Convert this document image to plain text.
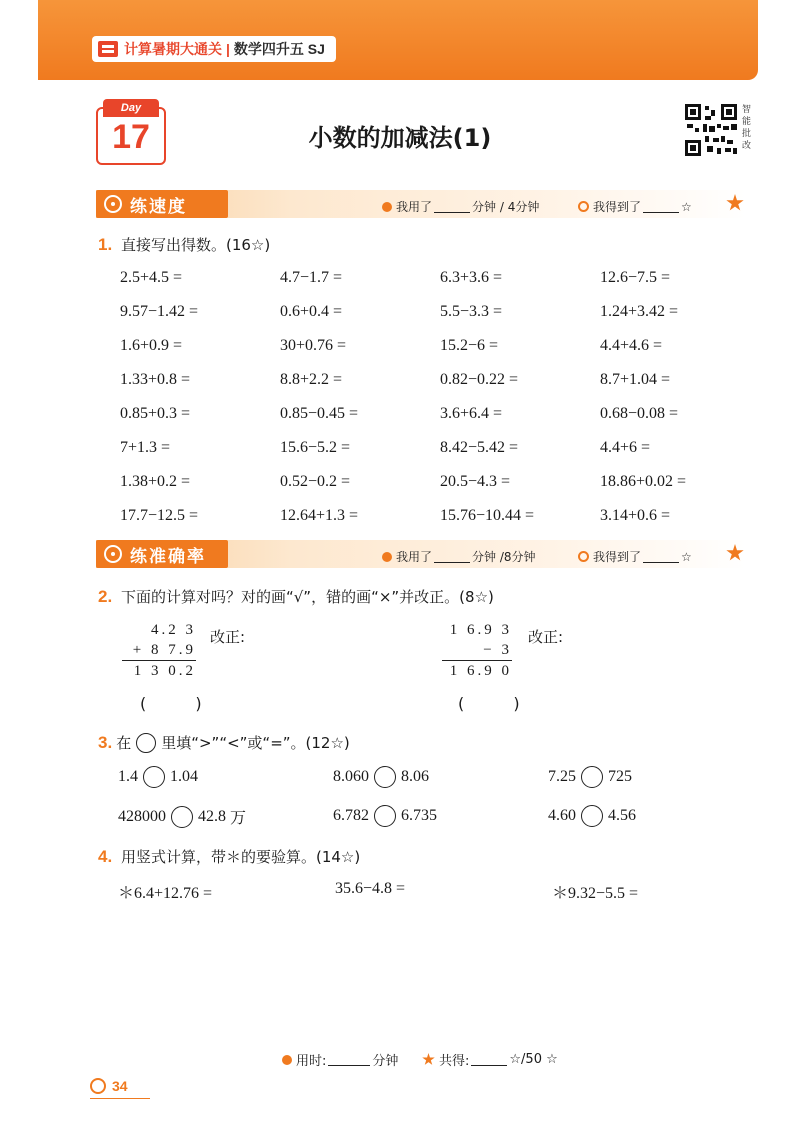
计算暑期大通关 | 数学四升五 SJ
Day
17	小数的加减法(1)
智能批改
练速度	我用了	分钟 / 4分钟	我得到了	☆
1. 直接写出得数。(16☆)
2.5+4.5 =	4.7−1.7 =	6.3+3.6 =	12.6−7.5 =
9.57−1.42 =	0.6+0.4 =	5.5−3.3 =	1.24+3.42 =
1.6+0.9 =	30+0.76 =	15.2−6 =	4.4+4.6 =
1.33+0.8 =	8.8+2.2 =	0.82−0.22 =	8.7+1.04 =
0.85+0.3 =	0.85−0.45 =	3.6+6.4 =	0.68−0.08 =
7+1.3 =	15.6−5.2 =	8.42−5.42 =	4.4+6 =
1.38+0.2 =	0.52−0.2 =	20.5−4.3 =	18.86+0.02 =
17.7−12.5 =	12.64+1.3 =	15.76−10.44 =	3.14+0.6 =
练准确率	我用了	分钟 /8分钟	我得到了	☆
2. 下面的计算对吗？对的画“√”，错的画“×”并改正。(8☆)
4.2 3
+ 8 7.9
1 3 0.2
改正:
( )
1 6.9 3
− 3
1 6.9 0
改正:
( )
3. 在 里填“>”“<”或“=”。(12☆)
1.4 1.04	8.060 8.06	7.25 725
428000 42.8 万	6.782 6.735	4.60 4.56
4. 用竖式计算，带＊的要验算。(14☆)
＊6.4+12.76 =	35.6−4.8 =	＊9.32−5.5 =
用时:	分钟	共得:	☆/50 ☆
34
